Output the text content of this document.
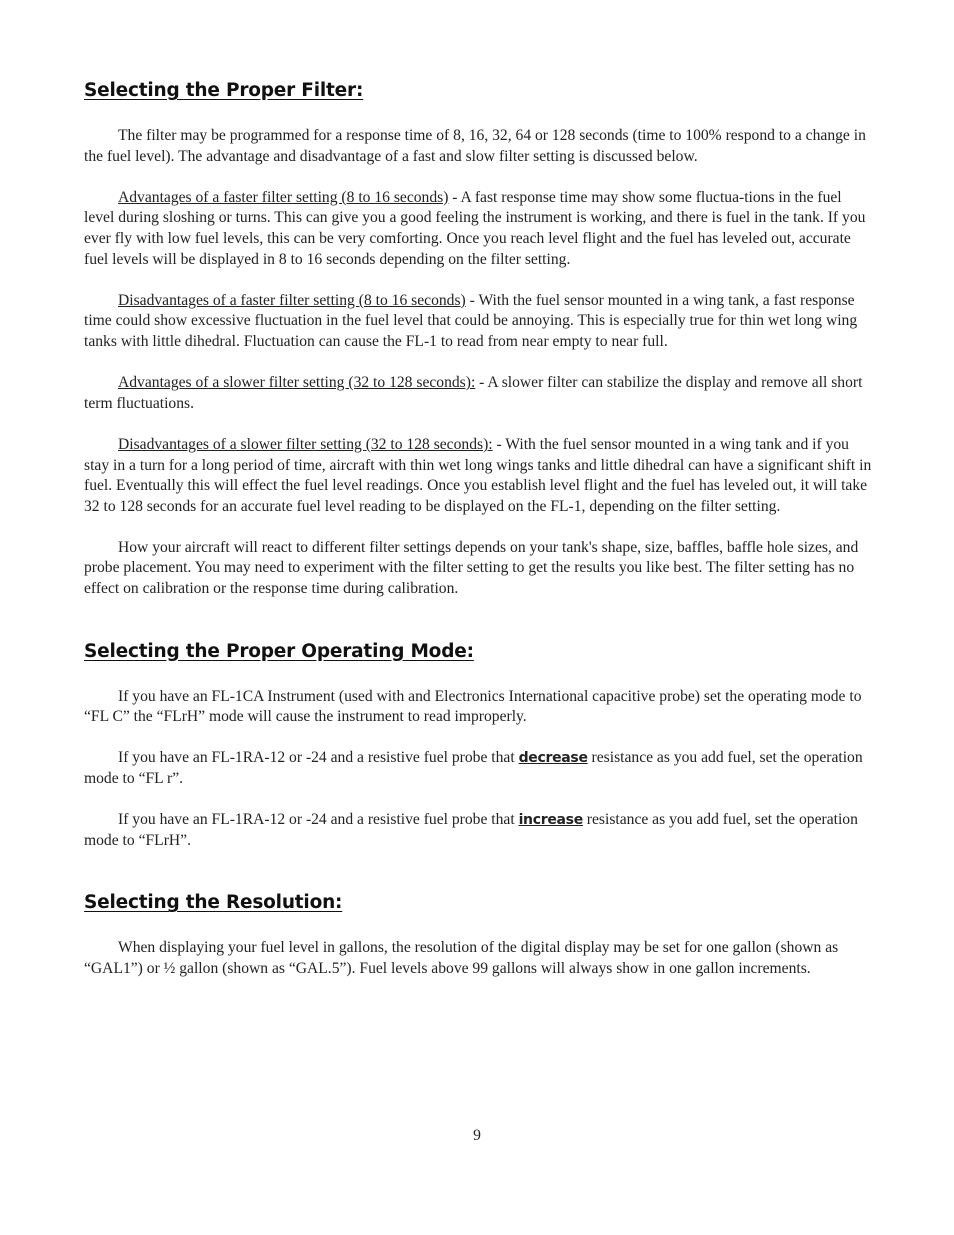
Selecting the Proper Filter:

The filter may be programmed for a response time of 8, 16, 32, 64 or 128 seconds (time to 100% respond to a change in the fuel level). The advantage and disadvantage of a fast and slow filter setting is discussed below.

Advantages of a faster filter setting (8 to 16 seconds) - A fast response time may show some fluctua-tions in the fuel level during sloshing or turns. This can give you a good feeling the instrument is working, and there is fuel in the tank. If you ever fly with low fuel levels, this can be very comforting. Once you reach level flight and the fuel has leveled out, accurate fuel levels will be displayed in 8 to 16 seconds depending on the filter setting.

Disadvantages of a faster filter setting (8 to 16 seconds) - With the fuel sensor mounted in a wing tank, a fast response time could show excessive fluctuation in the fuel level that could be annoying. This is especially true for thin wet long wing tanks with little dihedral. Fluctuation can cause the FL-1 to read from near empty to near full.

Advantages of a slower filter setting (32 to 128 seconds): - A slower filter can stabilize the display and remove all short term fluctuations.

Disadvantages of a slower filter setting (32 to 128 seconds): - With the fuel sensor mounted in a wing tank and if you stay in a turn for a long period of time, aircraft with thin wet long wings tanks and little dihedral can have a significant shift in fuel. Eventually this will effect the fuel level readings. Once you establish level flight and the fuel has leveled out, it will take 32 to 128 seconds for an accurate fuel level reading to be displayed on the FL-1, depending on the filter setting.

How your aircraft will react to different filter settings depends on your tank's shape, size, baffles, baffle hole sizes, and probe placement. You may need to experiment with the filter setting to get the results you like best. The filter setting has no effect on calibration or the response time during calibration.

Selecting the Proper Operating Mode:

If you have an FL-1CA Instrument (used with and Electronics International capacitive probe) set the operating mode to “FL C” the “FLrH” mode will cause the instrument to read improperly.

If you have an FL-1RA-12 or -24 and a resistive fuel probe that decrease resistance as you add fuel, set the operation mode to “FL r”.

If you have an FL-1RA-12 or -24 and a resistive fuel probe that increase resistance as you add fuel, set the operation mode to “FLrH”.

Selecting the Resolution:

When displaying your fuel level in gallons, the resolution of the digital display may be set for one gallon (shown as “GAL1”) or ½ gallon (shown as “GAL.5”). Fuel levels above 99 gallons will always show in one gallon increments.

9
